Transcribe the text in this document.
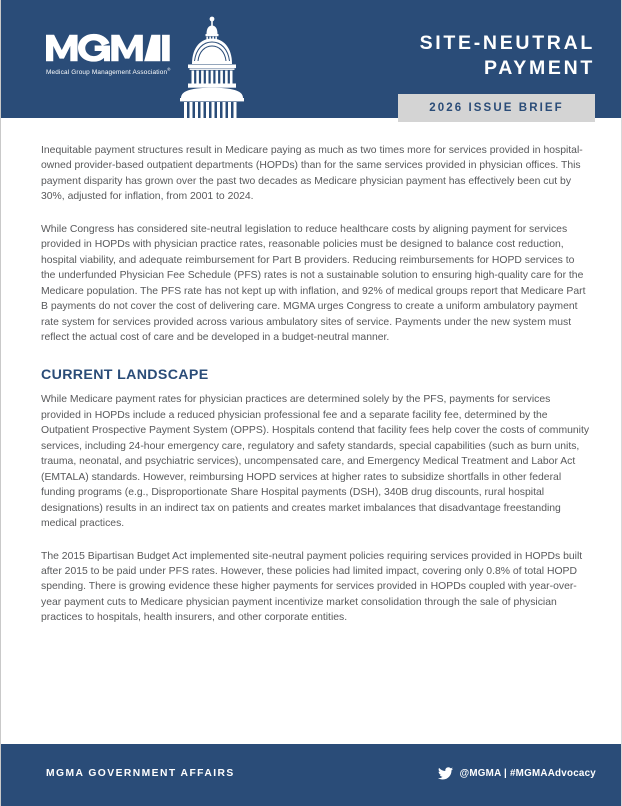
Medical Group Management Association®
SITE-NEUTRAL
PAYMENT
2026 ISSUE BRIEF

Inequitable payment structures result in Medicare paying as much as two times more for services provided in hospital-owned provider-based outpatient departments (HOPDs) than for the same services provided in physician offices. This payment disparity has grown over the past two decades as Medicare physician payment has effectively been cut by 30%, adjusted for inflation, from 2001 to 2024.

While Congress has considered site-neutral legislation to reduce healthcare costs by aligning payment for services provided in HOPDs with physician practice rates, reasonable policies must be designed to balance cost reduction, hospital viability, and adequate reimbursement for Part B providers. Reducing reimbursements for HOPD services to the underfunded Physician Fee Schedule (PFS) rates is not a sustainable solution to ensuring high-quality care for the Medicare population. The PFS rate has not kept up with inflation, and 92% of medical groups report that Medicare Part B payments do not cover the cost of delivering care. MGMA urges Congress to create a uniform ambulatory payment rate system for services provided across various ambulatory sites of service. Payments under the new system must reflect the actual cost of care and be developed in a budget-neutral manner.

CURRENT LANDSCAPE

While Medicare payment rates for physician practices are determined solely by the PFS, payments for services provided in HOPDs include a reduced physician professional fee and a separate facility fee, determined by the Outpatient Prospective Payment System (OPPS). Hospitals contend that facility fees help cover the costs of community services, including 24-hour emergency care, regulatory and safety standards, special capabilities (such as burn units, trauma, neonatal, and psychiatric services), uncompensated care, and Emergency Medical Treatment and Labor Act (EMTALA) standards. However, reimbursing HOPD services at higher rates to subsidize shortfalls in other federal funding programs (e.g., Disproportionate Share Hospital payments (DSH), 340B drug discounts, rural hospital designations) results in an indirect tax on patients and creates market imbalances that disadvantage freestanding medical practices.

The 2015 Bipartisan Budget Act implemented site-neutral payment policies requiring services provided in HOPDs built after 2015 to be paid under PFS rates. However, these policies had limited impact, covering only 0.8% of total HOPD spending. There is growing evidence these higher payments for services provided in HOPDs coupled with year-over-year payment cuts to Medicare physician payment incentivize market consolidation through the sale of physician practices to hospitals, health insurers, and other corporate entities.

MGMA GOVERNMENT AFFAIRS	@MGMA | #MGMAAdvocacy
